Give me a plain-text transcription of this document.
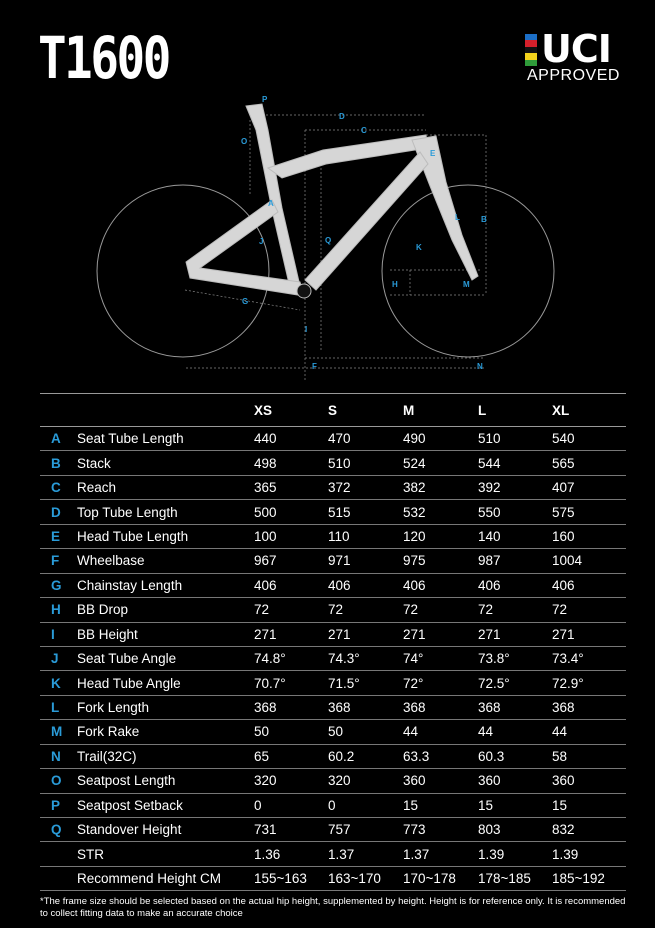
T1600	UCI
APPROVED
P
D
C
O
E
A
J	Q
L	B
K
H	M
G
I
F	N
XS	S	M	L	XL
A Seat Tube Length	440	470	490	510	540
B Stack	498	510	524	544	565
C Reach	365	372	382	392	407
D Top Tube Length	500	515	532	550	575
E Head Tube Length	100	110	120	140	160
F Wheelbase	967	971	975	987	1004
G Chainstay Length	406	406	406	406	406
H BB Drop	72	72	72	72	72
I BB Height	271	271	271	271	271
J Seat Tube Angle	74.8°	74.3°	74°	73.8°	73.4°
K Head Tube Angle	70.7°	71.5°	72°	72.5°	72.9°
L Fork Length	368	368	368	368	368
M Fork Rake	50	50	44	44	44
N Trail(32C)	65	60.2	63.3	60.3	58
O Seatpost Length	320	320	360	360	360
P Seatpost Setback	0	0	15	15	15
Q Standover Height	731	757	773	803	832
STR	1.36	1.37	1.37	1.39	1.39
Recommend Height CM 155~163 163~170 170~178 178~185 185~192
*The frame size should be selected based on the actual hip height, supplemented by height. Height is for reference only. It is recommended to collect fitting data to make an accurate choice
